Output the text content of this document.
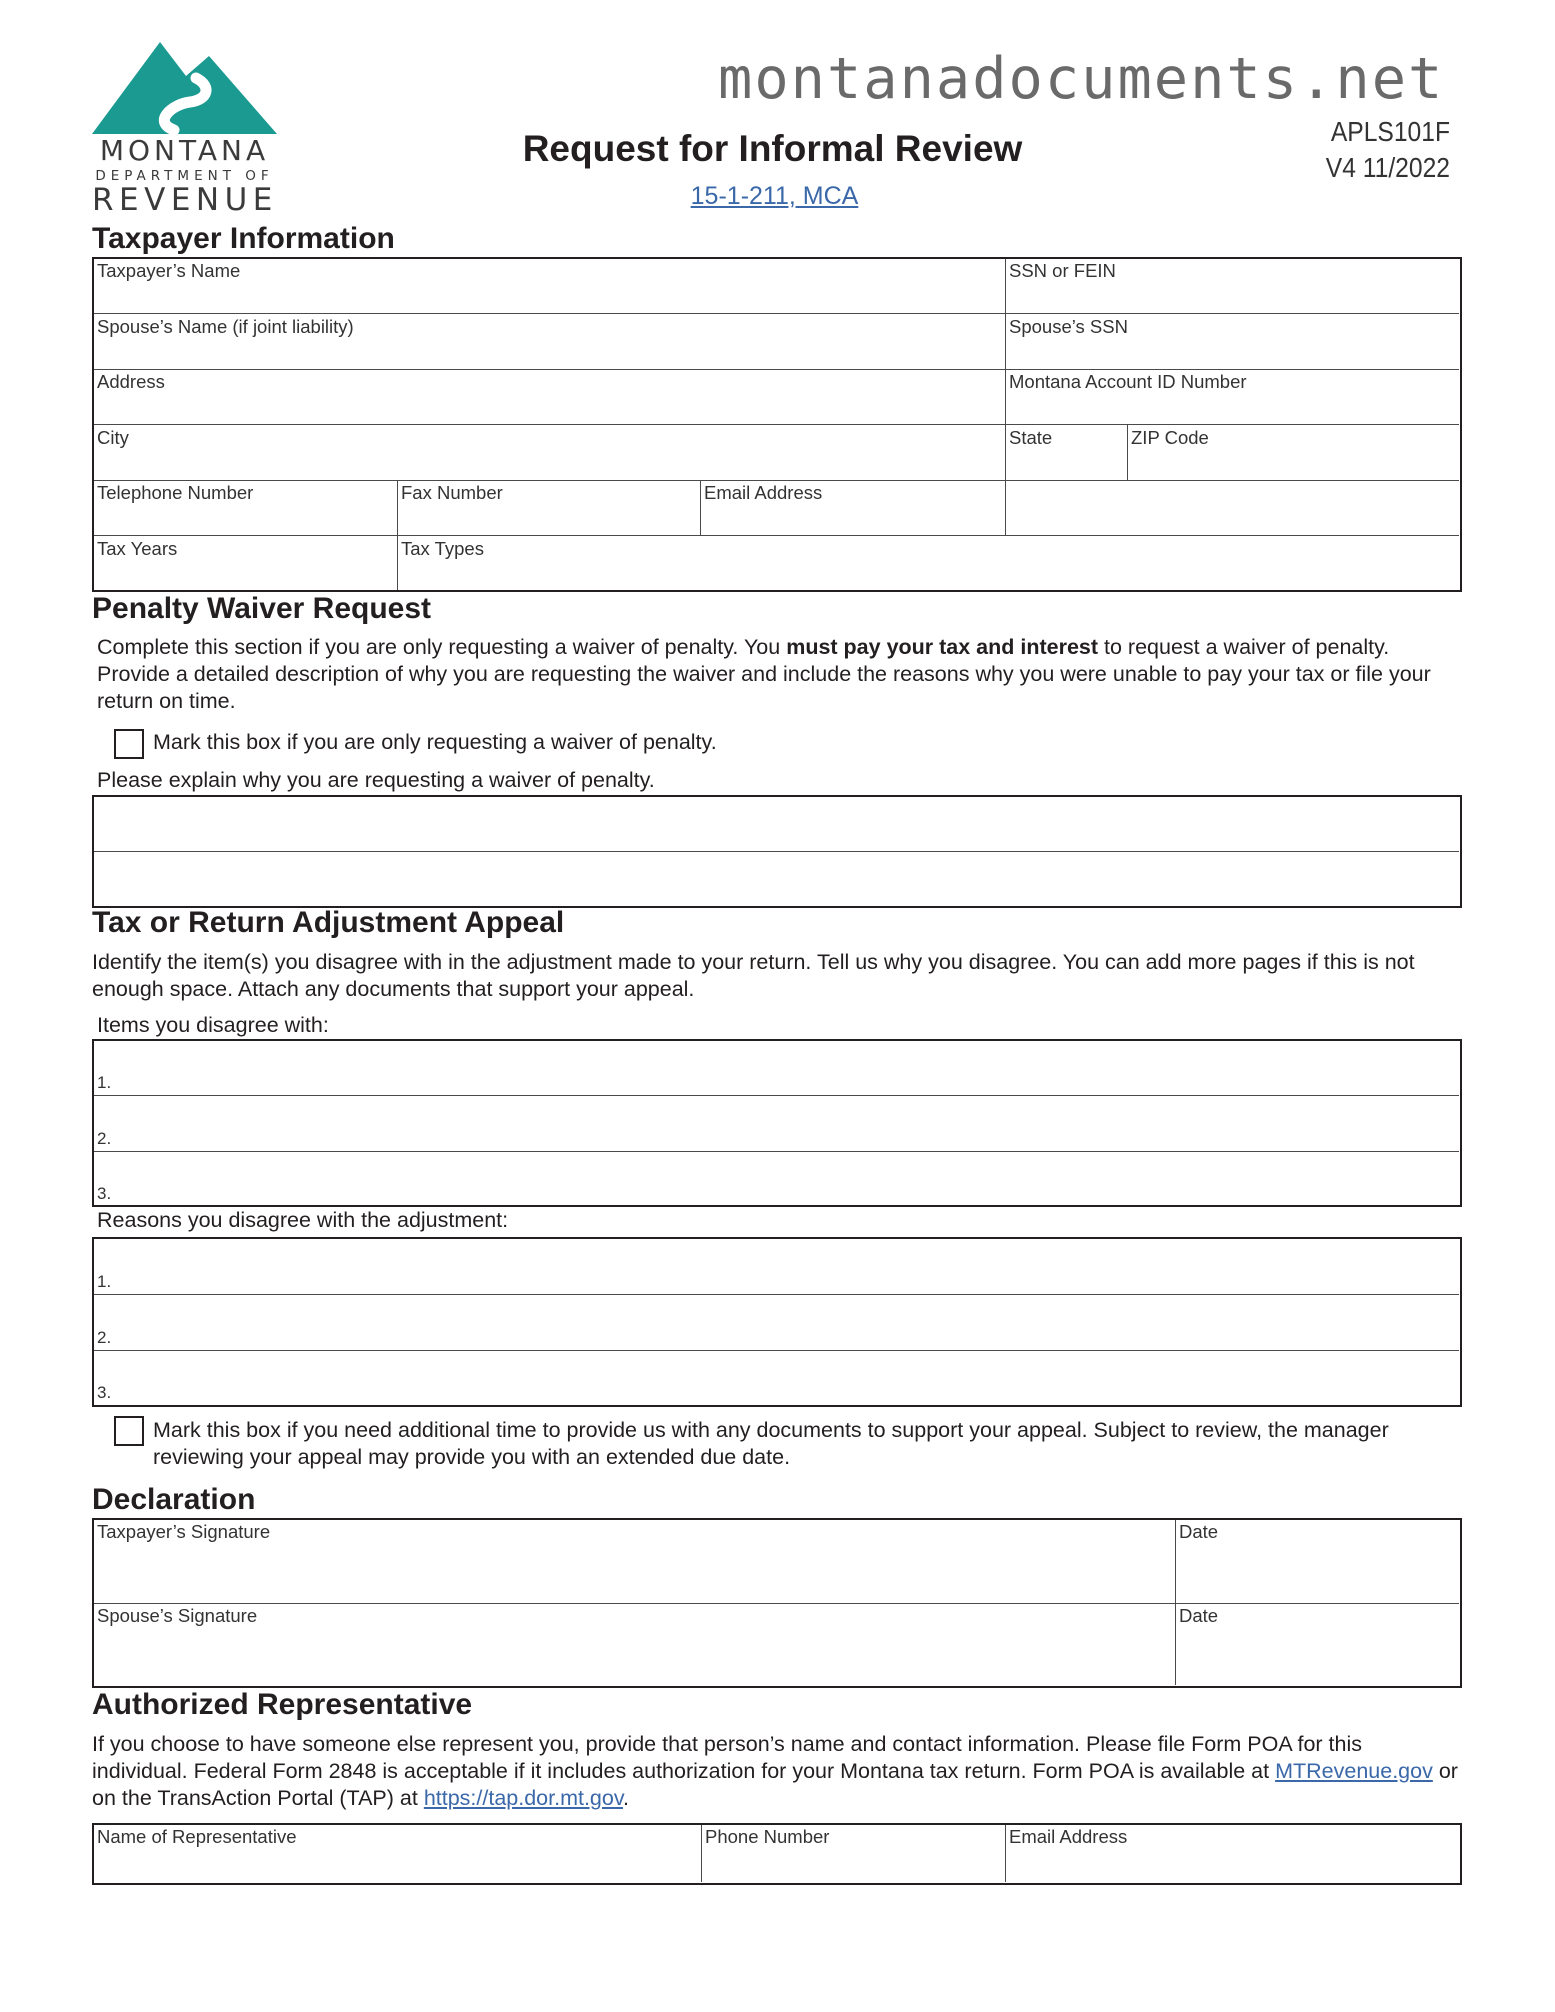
MONTANA
DEPARTMENT OF
REVENUE
montanadocuments.net
Request for Informal Review
15-1-211, MCA
APLS101F
V4 11/2022
Taxpayer Information
Taxpayer’s Name	SSN or FEIN
Spouse’s Name (if joint liability)	Spouse’s SSN
Address	Montana Account ID Number
City	State	ZIP Code
Telephone Number	Fax Number	Email Address
Tax Years	Tax Types
Penalty Waiver Request
Complete this section if you are only requesting a waiver of penalty. You must pay your tax and interest to request a waiver of penalty. Provide a detailed description of why you are requesting the waiver and include the reasons why you were unable to pay your tax or file your return on time.
Mark this box if you are only requesting a waiver of penalty.
Please explain why you are requesting a waiver of penalty.
Tax or Return Adjustment Appeal
Identify the item(s) you disagree with in the adjustment made to your return. Tell us why you disagree. You can add more pages if this is not enough space. Attach any documents that support your appeal.
Items you disagree with:
1.
2.
3.
Reasons you disagree with the adjustment:
1.
2.
3.
Mark this box if you need additional time to provide us with any documents to support your appeal. Subject to review, the manager reviewing your appeal may provide you with an extended due date.
Declaration
Taxpayer’s Signature	Date
Spouse’s Signature	Date
Authorized Representative
If you choose to have someone else represent you, provide that person’s name and contact information. Please file Form POA for this individual. Federal Form 2848 is acceptable if it includes authorization for your Montana tax return. Form POA is available at MTRevenue.gov or on the TransAction Portal (TAP) at https://tap.dor.mt.gov.
Name of Representative	Phone Number	Email Address
